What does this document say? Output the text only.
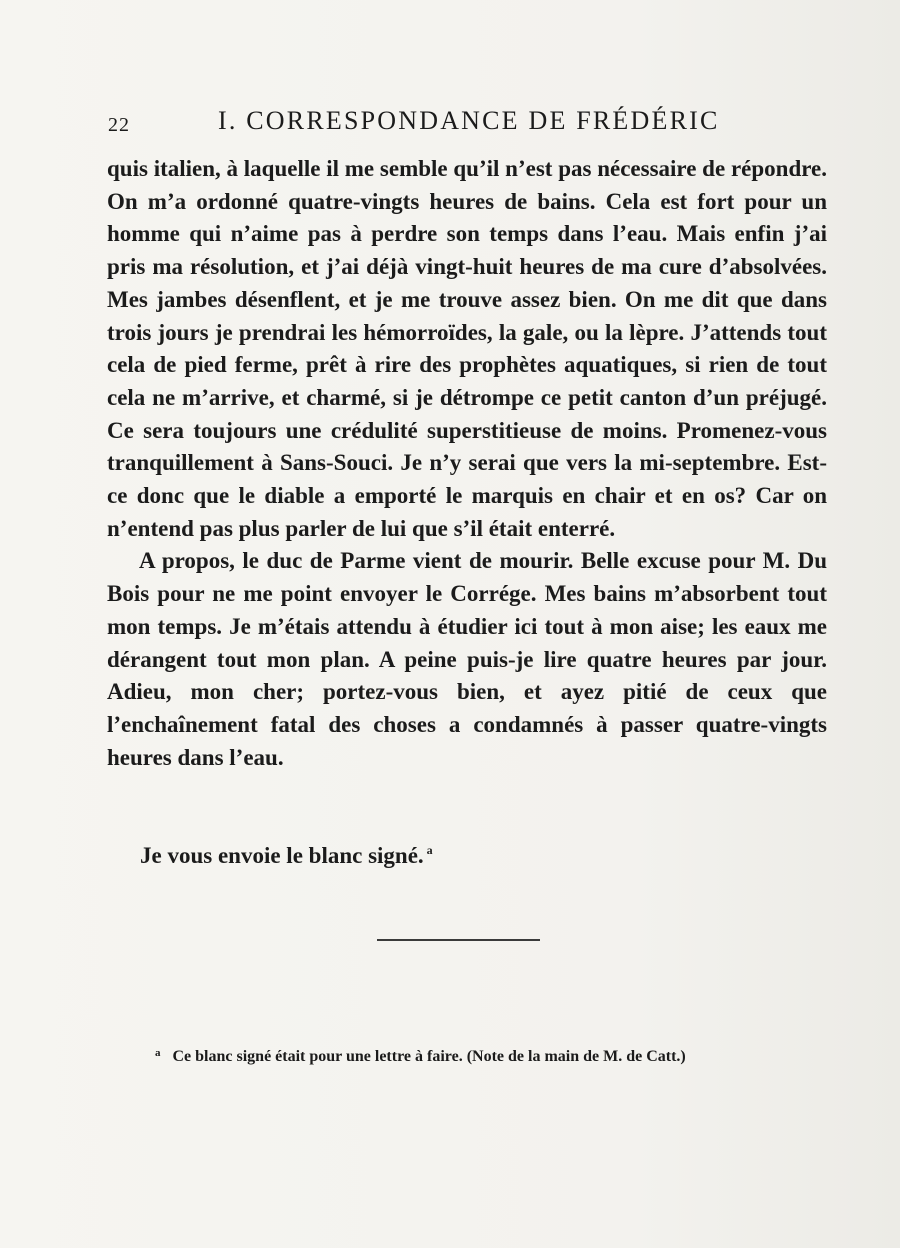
22	I. CORRESPONDANCE DE FRÉDÉRIC

quis italien, à laquelle il me semble qu’il n’est pas nécessaire de répondre. On m’a ordonné quatre-vingts heures de bains. Cela est fort pour un homme qui n’aime pas à perdre son temps dans l’eau. Mais enfin j’ai pris ma résolution, et j’ai déjà vingt-huit heures de ma cure d’absolvées. Mes jambes désenflent, et je me trouve assez bien. On me dit que dans trois jours je prendrai les hémorroïdes, la gale, ou la lèpre. J’attends tout cela de pied ferme, prêt à rire des prophètes aquatiques, si rien de tout cela ne m’arrive, et charmé, si je détrompe ce petit canton d’un préjugé. Ce sera toujours une crédulité superstitieuse de moins. Promenez-vous tranquillement à Sans-Souci. Je n’y serai que vers la mi-septembre. Est-ce donc que le diable a emporté le marquis en chair et en os? Car on n’entend pas plus parler de lui que s’il était enterré.

A propos, le duc de Parme vient de mourir. Belle excuse pour M. Du Bois pour ne me point envoyer le Corrége. Mes bains m’absorbent tout mon temps. Je m’étais attendu à étudier ici tout à mon aise; les eaux me dérangent tout mon plan. A peine puis-je lire quatre heures par jour. Adieu, mon cher; portez-vous bien, et ayez pitié de ceux que l’enchaînement fatal des choses a condamnés à passer quatre-vingts heures dans l’eau.

Je vous envoie le blanc signé. $^a$
$^a$ Ce blanc signé était pour une lettre à faire. (Note de la main de M. de Catt.)
